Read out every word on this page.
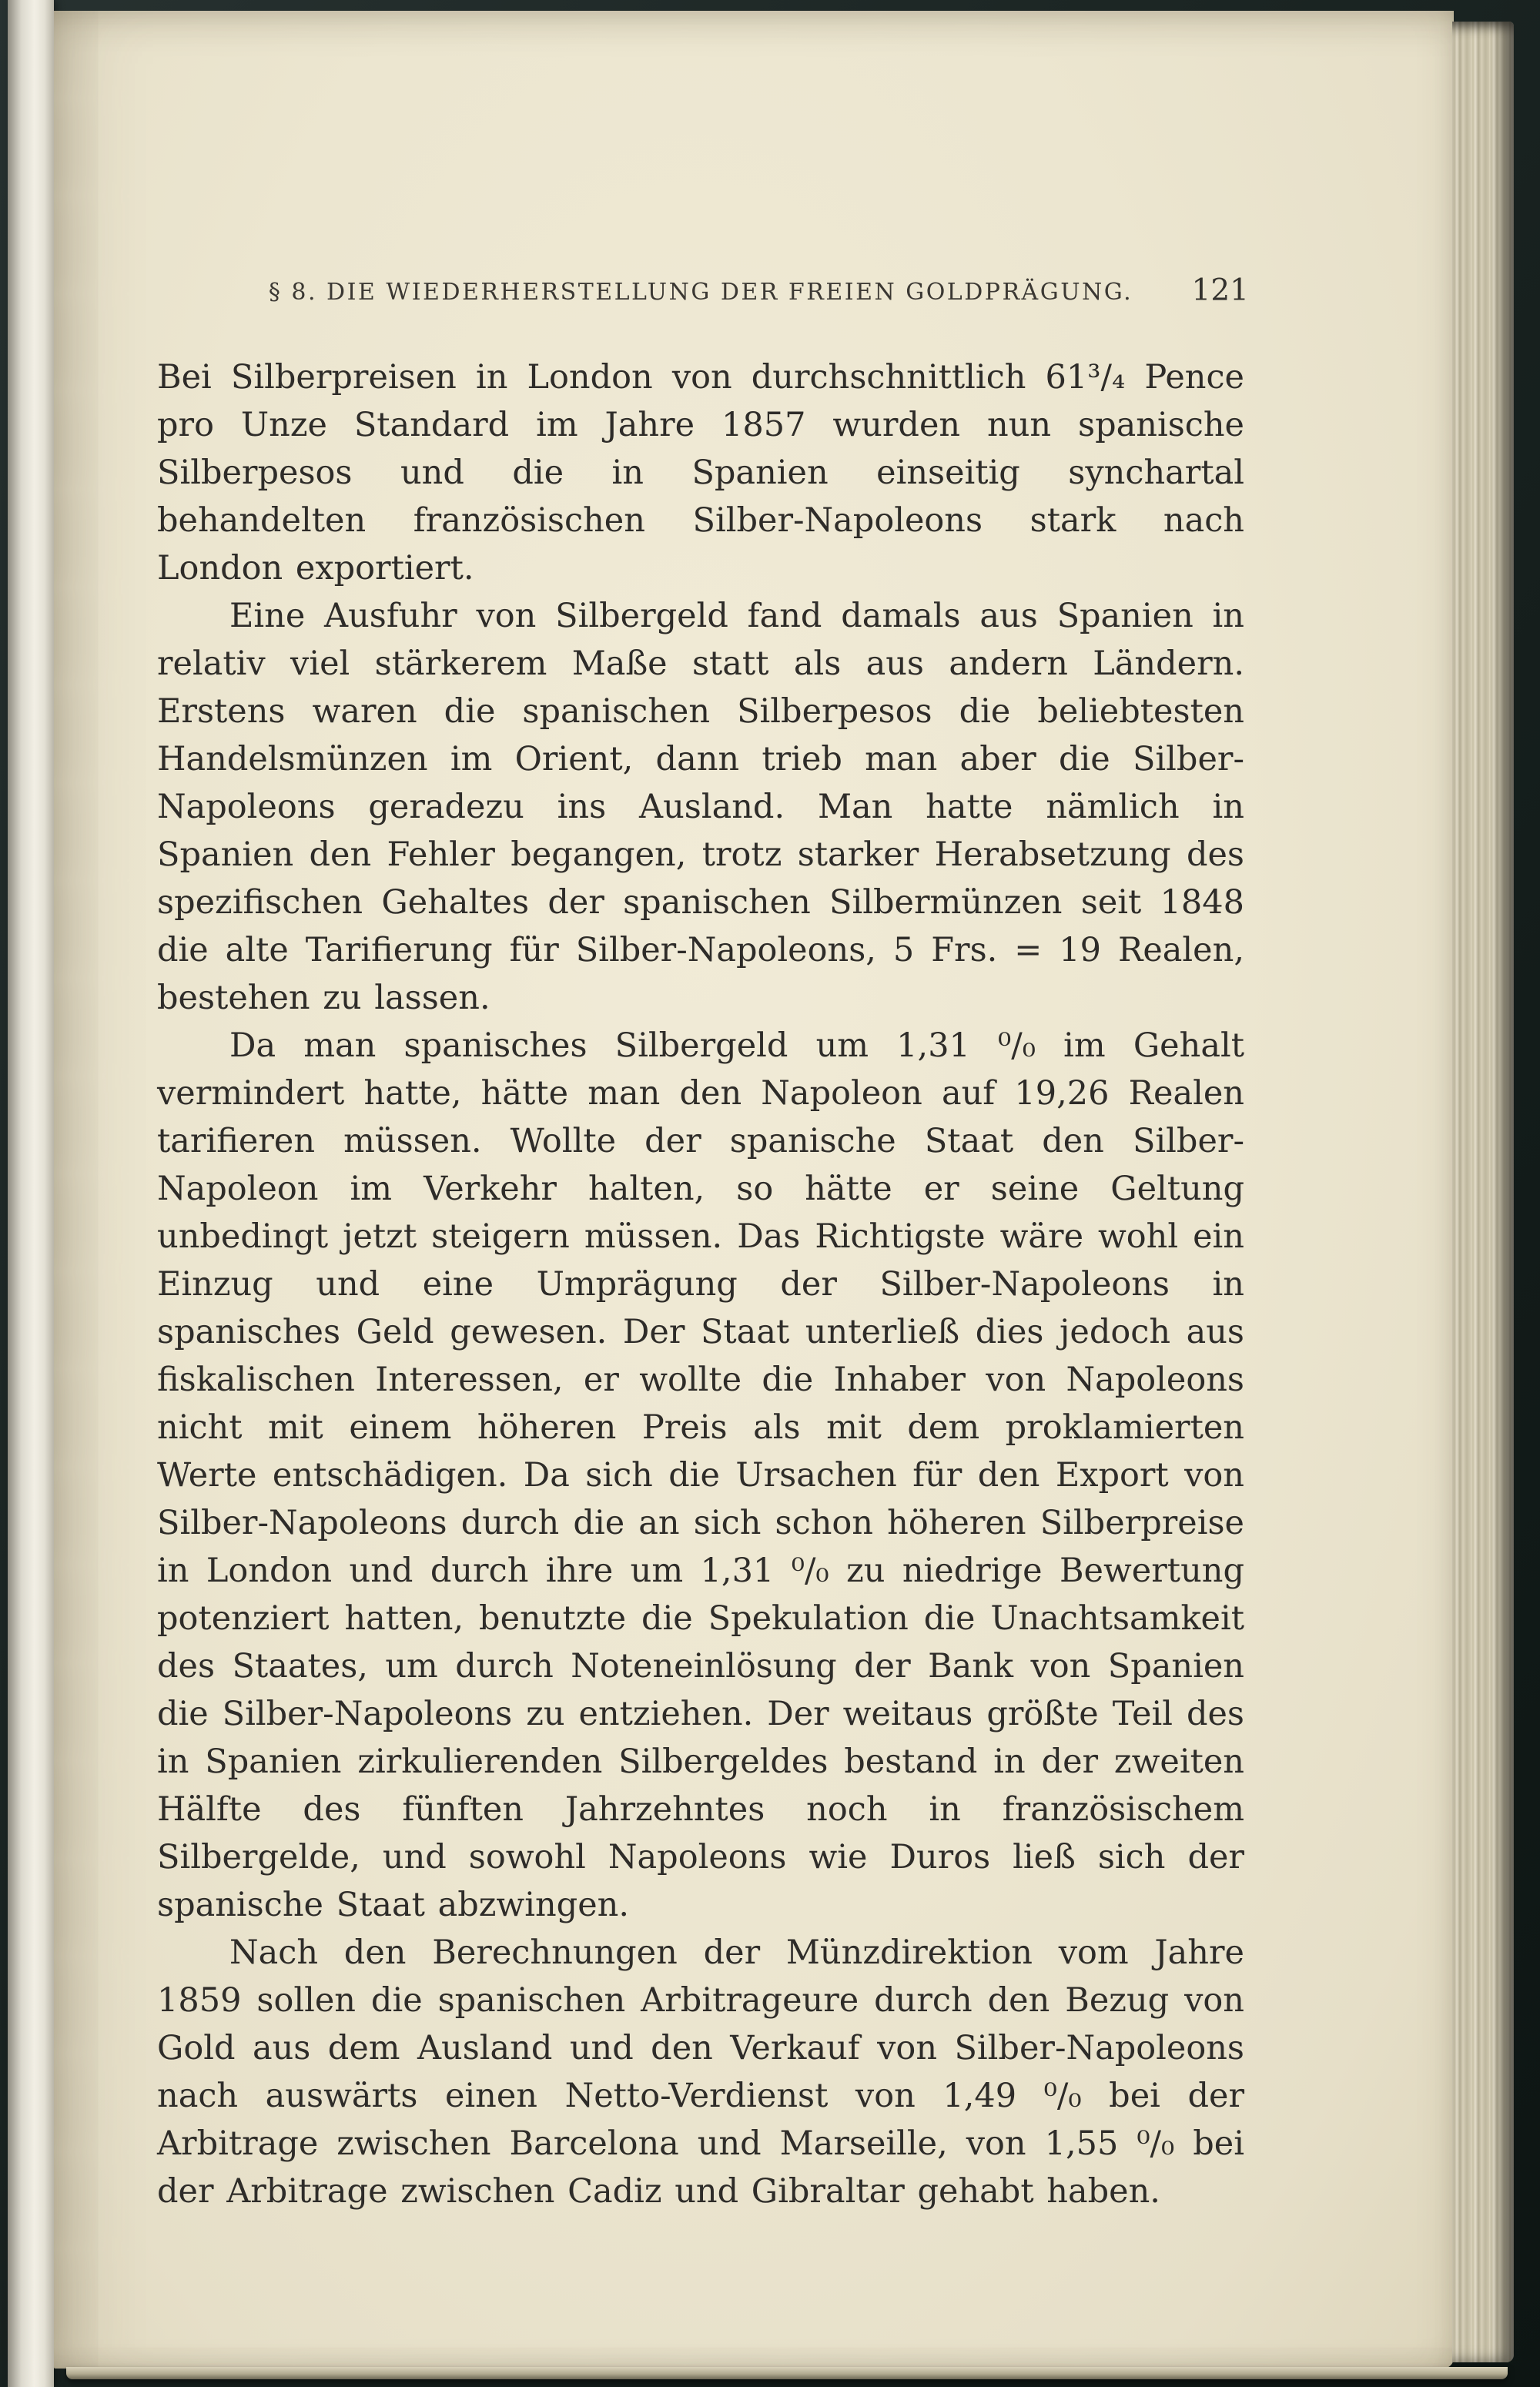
§ 8. DIE WIEDERHERSTELLUNG DER FREIEN GOLDPRÄGUNG. 121

Bei Silberpreisen in London von durchschnittlich 61³/₄ Pence pro Unze Standard im Jahre 1857 wurden nun spanische Silberpesos und die in Spanien einseitig synchartal behandelten französischen Silber-Napoleons stark nach London exportiert.

Eine Ausfuhr von Silbergeld fand damals aus Spanien in relativ viel stärkerem Maße statt als aus andern Ländern. Erstens waren die spanischen Silberpesos die beliebtesten Handelsmünzen im Orient, dann trieb man aber die Silber-Napoleons geradezu ins Ausland. Man hatte nämlich in Spanien den Fehler begangen, trotz starker Herabsetzung des spezifischen Gehaltes der spanischen Silbermünzen seit 1848 die alte Tarifierung für Silber-Napoleons, 5 Frs. = 19 Realen, bestehen zu lassen.

Da man spanisches Silbergeld um 1,31 ⁰/₀ im Gehalt vermindert hatte, hätte man den Napoleon auf 19,26 Realen tarifieren müssen. Wollte der spanische Staat den Silber-Napoleon im Verkehr halten, so hätte er seine Geltung unbedingt jetzt steigern müssen. Das Richtigste wäre wohl ein Einzug und eine Umprägung der Silber-Napoleons in spanisches Geld gewesen. Der Staat unterließ dies jedoch aus fiskalischen Interessen, er wollte die Inhaber von Napoleons nicht mit einem höheren Preis als mit dem proklamierten Werte entschädigen. Da sich die Ursachen für den Export von Silber-Napoleons durch die an sich schon höheren Silberpreise in London und durch ihre um 1,31 ⁰/₀ zu niedrige Bewertung potenziert hatten, benutzte die Spekulation die Unachtsamkeit des Staates, um durch Noteneinlösung der Bank von Spanien die Silber-Napoleons zu entziehen. Der weitaus größte Teil des in Spanien zirkulierenden Silbergeldes bestand in der zweiten Hälfte des fünften Jahrzehntes noch in französischem Silbergelde, und sowohl Napoleons wie Duros ließ sich der spanische Staat abzwingen.

Nach den Berechnungen der Münzdirektion vom Jahre 1859 sollen die spanischen Arbitrageure durch den Bezug von Gold aus dem Ausland und den Verkauf von Silber-Napoleons nach auswärts einen Netto-Verdienst von 1,49 ⁰/₀ bei der Arbitrage zwischen Barcelona und Marseille, von 1,55 ⁰/₀ bei der Arbitrage zwischen Cadiz und Gibraltar gehabt haben.
